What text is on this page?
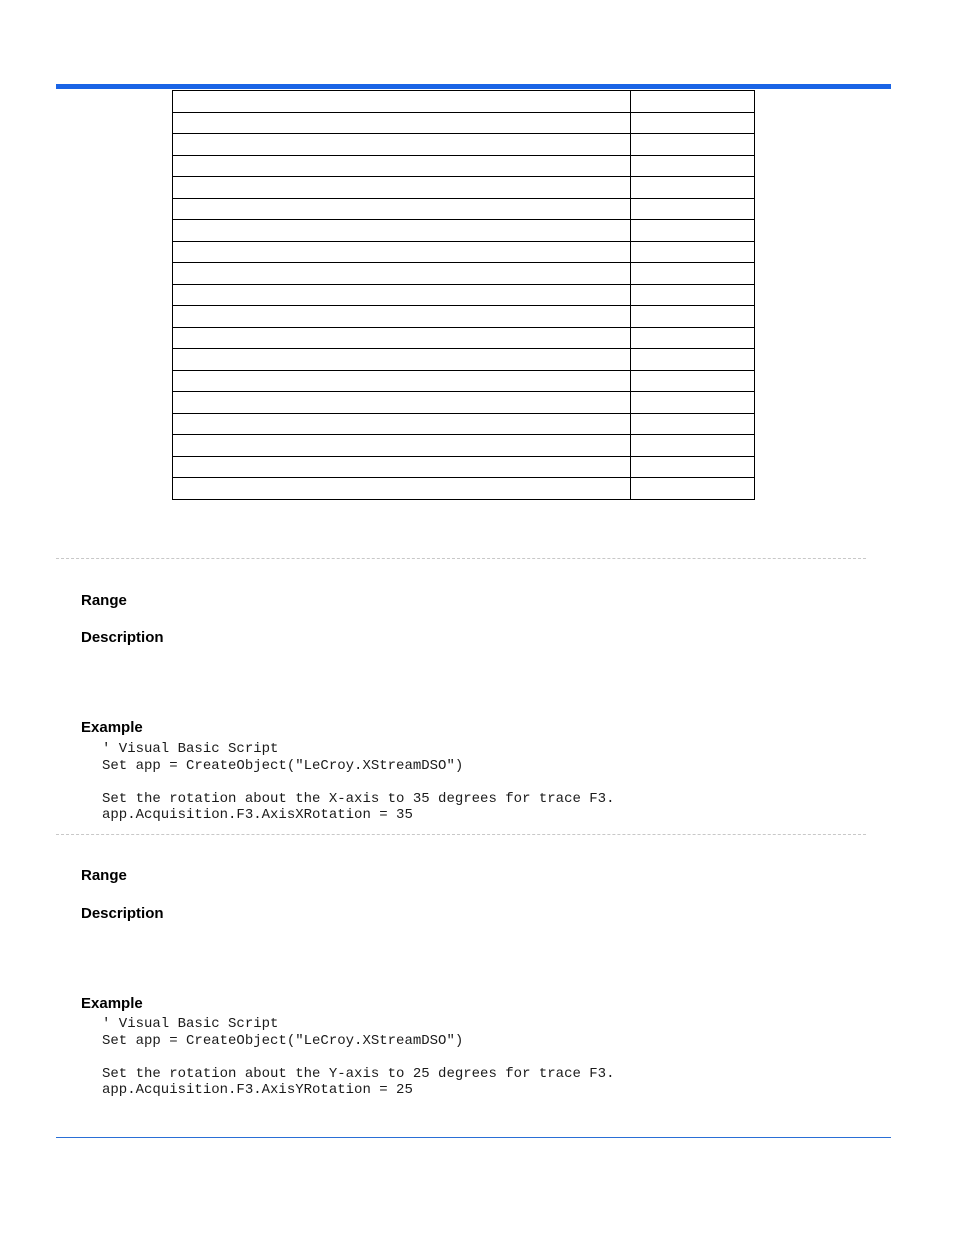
Range
Description
Example
' Visual Basic Script
Set app = CreateObject("LeCroy.XStreamDSO")

Set the rotation about the X-axis to 35 degrees for trace F3.
app.Acquisition.F3.AxisXRotation = 35
Range
Description
Example
' Visual Basic Script
Set app = CreateObject("LeCroy.XStreamDSO")

Set the rotation about the Y-axis to 25 degrees for trace F3.
app.Acquisition.F3.AxisYRotation = 25
